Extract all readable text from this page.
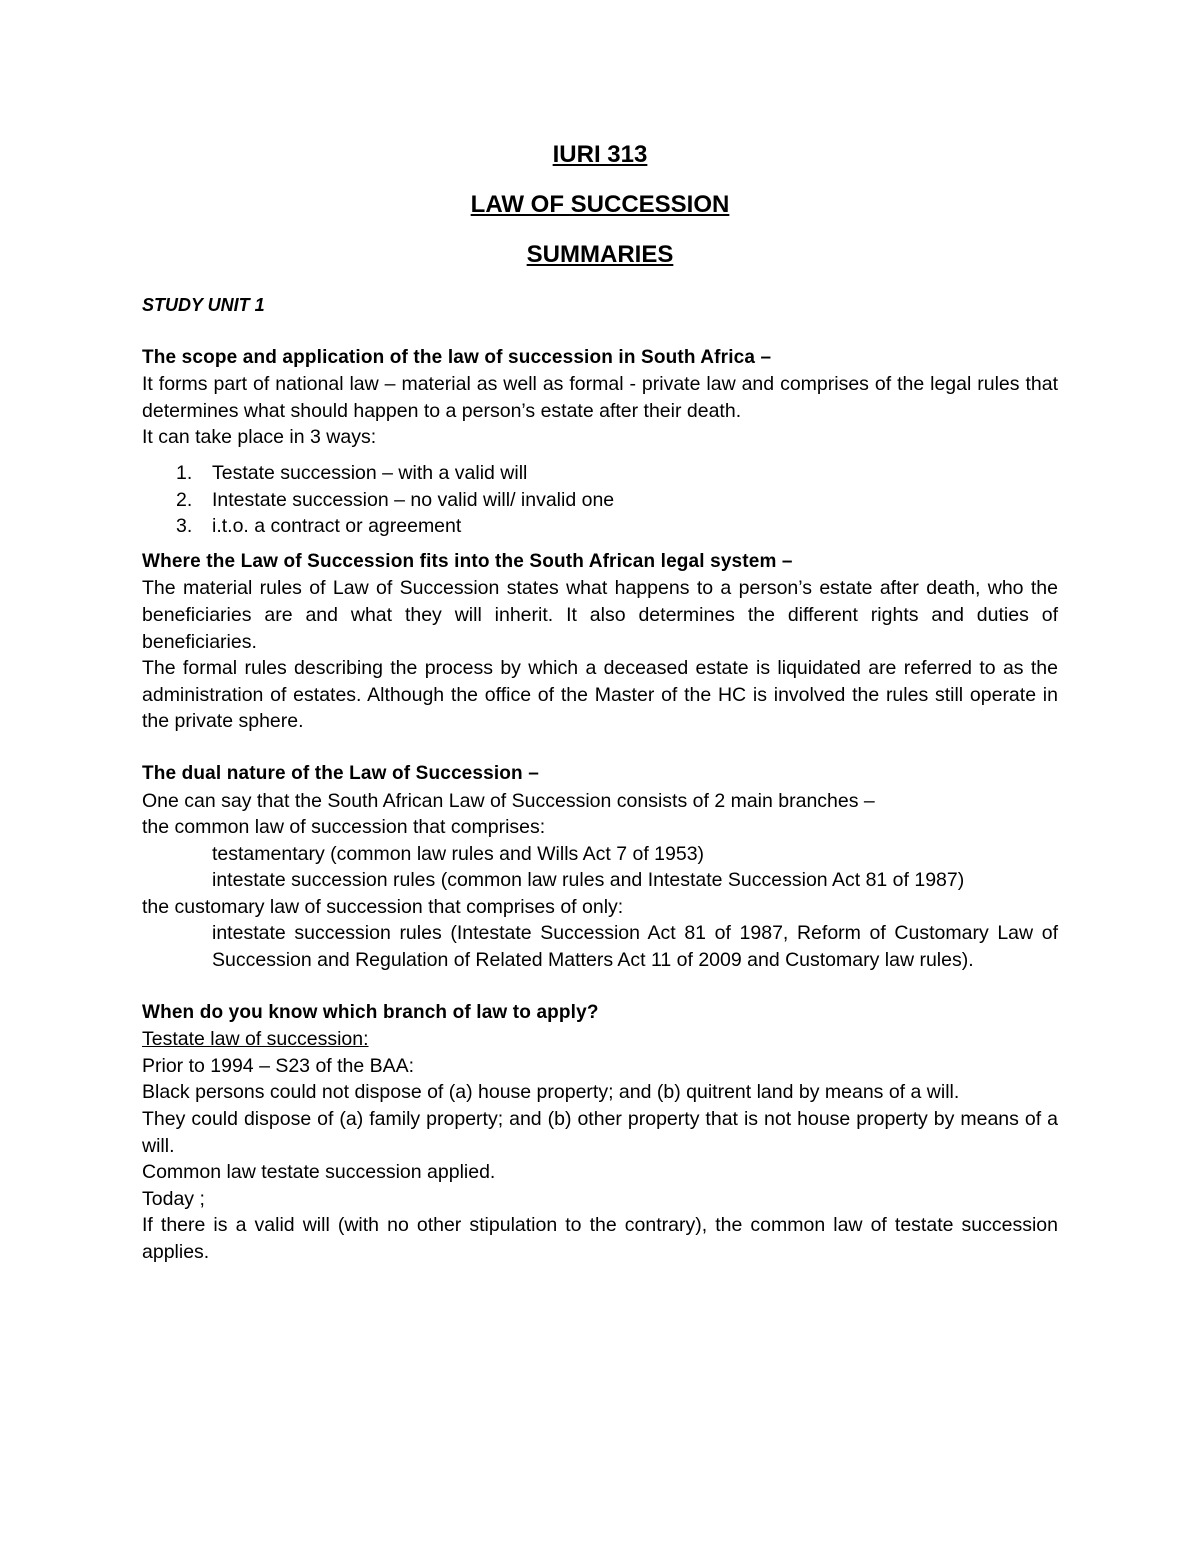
IURI 313
LAW OF SUCCESSION
SUMMARIES
STUDY UNIT 1
The scope and application of the law of succession in South Africa –

It forms part of national law – material as well as formal - private law and comprises of the legal rules that determines what should happen to a person’s estate after their death.

It can take place in 3 ways:

1. Testate succession – with a valid will
2. Intestate succession – no valid will/ invalid one
3. i.t.o. a contract or agreement
Where the Law of Succession fits into the South African legal system –

The material rules of Law of Succession states what happens to a person’s estate after death, who the beneficiaries are and what they will inherit. It also determines the different rights and duties of beneficiaries.

The formal rules describing the process by which a deceased estate is liquidated are referred to as the administration of estates. Although the office of the Master of the HC is involved the rules still operate in the private sphere.

The dual nature of the Law of Succession –

One can say that the South African Law of Succession consists of 2 main branches –

the common law of succession that comprises:

testamentary (common law rules and Wills Act 7 of 1953)
intestate succession rules (common law rules and Intestate Succession Act 81 of 1987)

the customary law of succession that comprises of only:

intestate succession rules (Intestate Succession Act 81 of 1987, Reform of Customary Law of Succession and Regulation of Related Matters Act 11 of 2009 and Customary law rules).
When do you know which branch of law to apply?

Testate law of succession:

Prior to 1994 – S23 of the BAA:

Black persons could not dispose of (a) house property; and (b) quitrent land by means of a will.

They could dispose of (a) family property; and (b) other property that is not house property by means of a will.

Common law testate succession applied.

Today ;

If there is a valid will (with no other stipulation to the contrary), the common law of testate succession applies.
